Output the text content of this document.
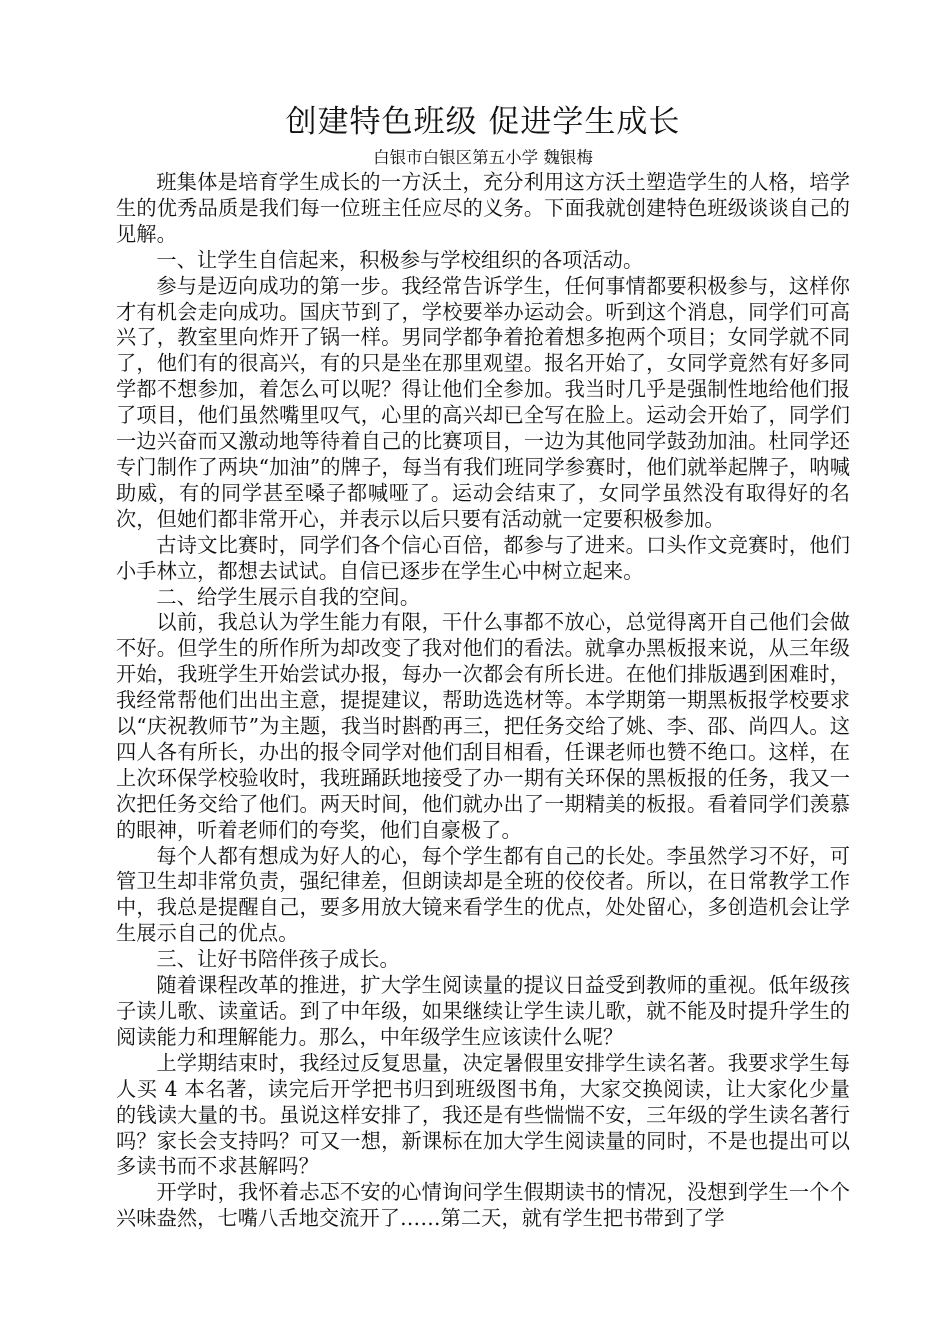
创建特色班级 促进学生成长

白银市白银区第五小学 魏银梅

班集体是培育学生成长的一方沃土，充分利用这方沃土塑造学生的人格，培学生的优秀品质是我们每一位班主任应尽的义务。下面我就创建特色班级谈谈自己的见解。

一、让学生自信起来，积极参与学校组织的各项活动。

参与是迈向成功的第一步。我经常告诉学生，任何事情都要积极参与，这样你才有机会走向成功。国庆节到了，学校要举办运动会。听到这个消息，同学们可高兴了，教室里向炸开了锅一样。男同学都争着抢着想多抱两个项目；女同学就不同了，他们有的很高兴，有的只是坐在那里观望。报名开始了，女同学竟然有好多同学都不想参加，着怎么可以呢？得让他们全参加。我当时几乎是强制性地给他们报了项目，他们虽然嘴里叹气，心里的高兴却已全写在脸上。运动会开始了，同学们一边兴奋而又激动地等待着自己的比赛项目，一边为其他同学鼓劲加油。杜同学还专门制作了两块“加油”的牌子，每当有我们班同学参赛时，他们就举起牌子，呐喊助威，有的同学甚至嗓子都喊哑了。运动会结束了，女同学虽然没有取得好的名次，但她们都非常开心，并表示以后只要有活动就一定要积极参加。

古诗文比赛时，同学们各个信心百倍，都参与了进来。口头作文竞赛时，他们小手林立，都想去试试。自信已逐步在学生心中树立起来。

二、给学生展示自我的空间。

以前，我总认为学生能力有限，干什么事都不放心，总觉得离开自己他们会做不好。但学生的所作所为却改变了我对他们的看法。就拿办黑板报来说，从三年级开始，我班学生开始尝试办报，每办一次都会有所长进。在他们排版遇到困难时，我经常帮他们出出主意，提提建议，帮助选选材等。本学期第一期黑板报学校要求以“庆祝教师节”为主题，我当时斟酌再三，把任务交给了姚、李、邵、尚四人。这四人各有所长，办出的报令同学对他们刮目相看，任课老师也赞不绝口。这样，在上次环保学校验收时，我班踊跃地接受了办一期有关环保的黑板报的任务，我又一次把任务交给了他们。两天时间，他们就办出了一期精美的板报。看着同学们羡慕的眼神，听着老师们的夸奖，他们自豪极了。

每个人都有想成为好人的心，每个学生都有自己的长处。李虽然学习不好，可管卫生却非常负责，强纪律差，但朗读却是全班的佼佼者。所以，在日常教学工作中，我总是提醒自己，要多用放大镜来看学生的优点，处处留心，多创造机会让学生展示自己的优点。

三、让好书陪伴孩子成长。

随着课程改革的推进，扩大学生阅读量的提议日益受到教师的重视。低年级孩子读儿歌、读童话。到了中年级，如果继续让学生读儿歌，就不能及时提升学生的阅读能力和理解能力。那么，中年级学生应该读什么呢？

上学期结束时，我经过反复思量，决定暑假里安排学生读名著。我要求学生每人买 4 本名著，读完后开学把书归到班级图书角，大家交换阅读，让大家化少量的钱读大量的书。虽说这样安排了，我还是有些惴惴不安，三年级的学生读名著行吗？家长会支持吗？可又一想，新课标在加大学生阅读量的同时，不是也提出可以多读书而不求甚解吗？

开学时，我怀着忐忑不安的心情询问学生假期读书的情况，没想到学生一个个兴味盎然，七嘴八舌地交流开了……第二天，就有学生把书带到了学
